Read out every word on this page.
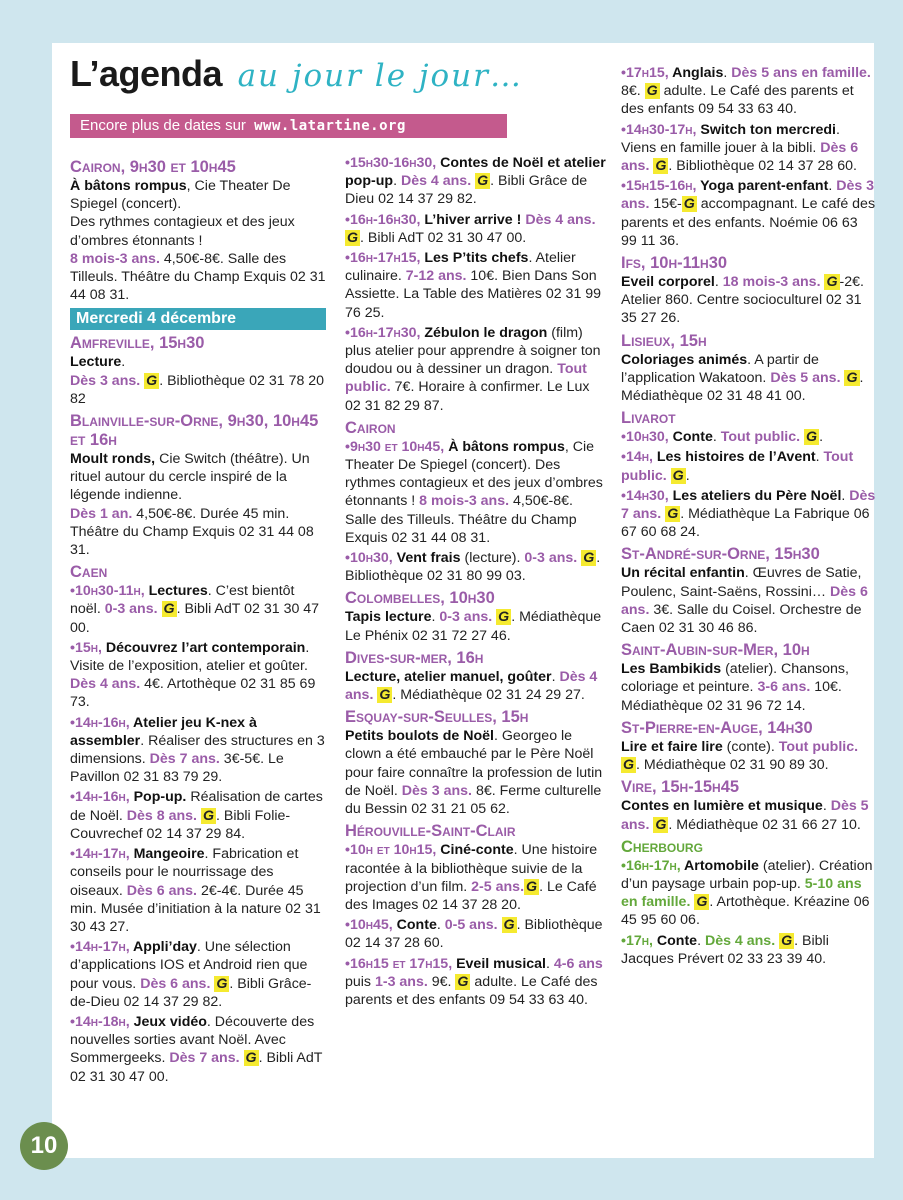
L’agenda au jour le jour…
Encore plus de dates sur www.latartine.org
Cairon, 9h30 et 10h45
À bâtons rompus, Cie Theater De Spiegel (concert).
Des rythmes contagieux et des jeux d’ombres étonnants !
8 mois-3 ans. 4,50€-8€. Salle des Tilleuls. Théâtre du Champ Exquis 02 31 44 08 31.
Mercredi 4 décembre
Amfreville, 15h30
Lecture.
Dès 3 ans. G . Bibliothèque 02 31 78 20 82
Blainville-sur-Orne, 9h30, 10h45 et 16h
Moult ronds, Cie Switch (théâtre). Un rituel autour du cercle inspiré de la légende indienne.
Dès 1 an. 4,50€-8€. Durée 45 min. Théâtre du Champ Exquis 02 31 44 08 31.
Caen
•10h30-11h, Lectures. C’est bientôt noël. 0-3 ans. G . Bibli AdT 02 31 30 47 00.
•15h, Découvrez l’art contemporain. Visite de l’exposition, atelier et goûter. Dès 4 ans. 4€. Artothèque 02 31 85 69 73.
•14h-16h, Atelier jeu K-nex à assembler. Réaliser des structures en 3 dimensions. Dès 7 ans. 3€-5€. Le Pavillon 02 31 83 79 29.
•14h-16h, Pop-up. Réalisation de cartes de Noël. Dès 8 ans. G . Bibli Folie-Couvrechef 02 14 37 29 84.
•14h-17h, Mangeoire. Fabrication et conseils pour le nourrissage des oiseaux. Dès 6 ans. 2€-4€. Durée 45 min. Musée d’initiation à la nature 02 31 30 43 27.
•14h-17h, Appli’day. Une sélection d’applications IOS et Android rien que pour vous. Dès 6 ans. G . Bibli Grâce-de-Dieu 02 14 37 29 82.
•14h-18h, Jeux vidéo. Découverte des nouvelles sorties avant Noël. Avec Sommergeeks. Dès 7 ans. G . Bibli AdT 02 31 30 47 00.
•15h30-16h30, Contes de Noël et atelier pop-up. Dès 4 ans. G . Bibli Grâce de Dieu 02 14 37 29 82.
•16h-16h30, L’hiver arrive ! Dès 4 ans. G . Bibli AdT 02 31 30 47 00.
•16h-17h15, Les P’tits chefs. Atelier culinaire. 7-12 ans. 10€. Bien Dans Son Assiette. La Table des Matières 02 31 99 76 25.
•16h-17h30, Zébulon le dragon (film) plus atelier pour apprendre à soigner ton doudou ou à dessiner un dragon. Tout public. 7€. Horaire à confirmer. Le Lux 02 31 82 29 87.
Cairon
•9h30 et 10h45, À bâtons rompus, Cie Theater De Spiegel (concert). Des rythmes contagieux et des jeux d’ombres étonnants ! 8 mois-3 ans. 4,50€-8€. Salle des Tilleuls. Théâtre du Champ Exquis 02 31 44 08 31.
•10h30, Vent frais (lecture). 0-3 ans. G . Bibliothèque 02 31 80 99 03.
Colombelles, 10h30
Tapis lecture. 0-3 ans. G . Médiathèque Le Phénix 02 31 72 27 46.
Dives-sur-mer, 16h
Lecture, atelier manuel, goûter. Dès 4 ans. G . Médiathèque 02 31 24 29 27.
Esquay-sur-Seulles, 15h
Petits boulots de Noël. Georgeo le clown a été embauché par le Père Noël pour faire connaître la profession de lutin de Noël. Dès 3 ans. 8€. Ferme culturelle du Bessin 02 31 21 05 62.
Hérouville-Saint-Clair
•10h et 10h15, Ciné-conte. Une histoire racontée à la bibliothèque suivie de la projection d’un film. 2-5 ans. G . Le Café des Images 02 14 37 28 20.
•10h45, Conte. 0-5 ans. G . Bibliothèque 02 14 37 28 60.
•16h15 et 17h15, Eveil musical. 4-6 ans puis 1-3 ans. 9€. G adulte. Le Café des parents et des enfants 09 54 33 63 40.
•17h15, Anglais. Dès 5 ans en famille. 8€. G adulte. Le Café des parents et des enfants 09 54 33 63 40.
•14h30-17h, Switch ton mercredi. Viens en famille jouer à la bibli. Dès 6 ans. G . Bibliothèque 02 14 37 28 60.
•15h15-16h, Yoga parent-enfant. Dès 3 ans. 15€- G accompagnant. Le café des parents et des enfants. Noémie 06 63 99 11 36.
Ifs, 10h-11h30
Eveil corporel. 18 mois-3 ans. G -2€. Atelier 860. Centre socioculturel 02 31 35 27 26.
Lisieux, 15h
Coloriages animés. A partir de l’application Wakatoon. Dès 5 ans. G . Médiathèque 02 31 48 41 00.
Livarot
•10h30, Conte. Tout public. G .
•14h, Les histoires de l’Avent. Tout public. G .
•14h30, Les ateliers du Père Noël. Dès 7 ans. G . Médiathèque La Fabrique 06 67 60 68 24.
St-André-sur-Orne, 15h30
Un récital enfantin. Œuvres de Satie, Poulenc, Saint-Saëns, Rossini… Dès 6 ans. 3€. Salle du Coisel. Orchestre de Caen 02 31 30 46 86.
Saint-Aubin-sur-Mer, 10h
Les Bambikids (atelier). Chansons, coloriage et peinture. 3-6 ans. 10€. Médiathèque 02 31 96 72 14.
St-Pierre-en-Auge, 14h30
Lire et faire lire (conte). Tout public. G . Médiathèque 02 31 90 89 30.
Vire, 15h-15h45
Contes en lumière et musique. Dès 5 ans. G . Médiathèque 02 31 66 27 10.
Cherbourg
•16h-17h, Artomobile (atelier). Création d’un paysage urbain pop-up. 5-10 ans en famille. G . Artothèque. Kréazine 06 45 95 60 06.
•17h, Conte. Dès 4 ans. G . Bibli Jacques Prévert 02 33 23 39 40.
10
